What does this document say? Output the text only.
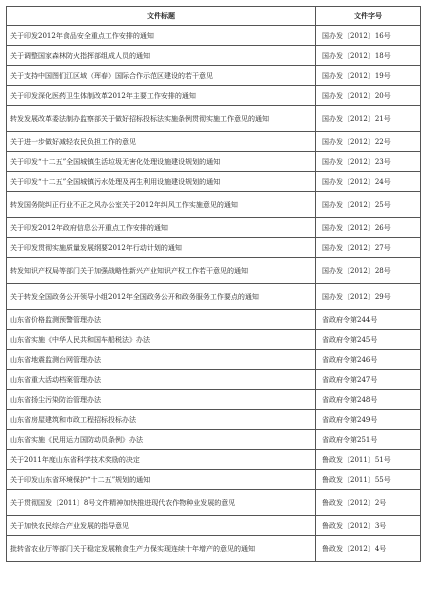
文件标题	文件字号
关于印发2012年食品安全重点工作安排的通知	国办发〔2012〕16号
关于调整国家森林防火指挥部组成人员的通知	国办发〔2012〕18号
关于支持中国图们江区域（珲春）国际合作示范区建设的若干意见	国办发〔2012〕19号
关于印发深化医药卫生体制改革2012年主要工作安排的通知	国办发〔2012〕20号
转发发展改革委法制办监察部关于做好招标投标法实施条例贯彻实施工作意见的通知	国办发〔2012〕21号
关于进一步做好减轻农民负担工作的意见	国办发〔2012〕22号
关于印发“十二五”全国城镇生活垃圾无害化处理设施建设规划的通知	国办发〔2012〕23号
关于印发“十二五”全国城镇污水处理及再生利用设施建设规划的通知	国办发〔2012〕24号
转发国务院纠正行业不正之风办公室关于2012年纠风工作实施意见的通知	国办发〔2012〕25号
关于印发2012年政府信息公开重点工作安排的通知	国办发〔2012〕26号
关于印发贯彻实施质量发展纲要2012年行动计划的通知	国办发〔2012〕27号
转发知识产权局等部门关于加强战略性新兴产业知识产权工作若干意见的通知	国办发〔2012〕28号
关于转发全国政务公开领导小组2012年全国政务公开和政务服务工作要点的通知	国办发〔2012〕29号
山东省价格监测预警管理办法	省政府令第244号
山东省实施《中华人民共和国车船税法》办法	省政府令第245号
山东省地震监测台网管理办法	省政府令第246号
山东省重大活动档案管理办法	省政府令第247号
山东省扬尘污染防治管理办法	省政府令第248号
山东省房屋建筑和市政工程招标投标办法	省政府令第249号
山东省实施《民用运力国防动员条例》办法	省政府令第251号
关于2011年度山东省科学技术奖励的决定	鲁政发〔2011〕51号
关于印发山东省环境保护“十二五”规划的通知	鲁政发〔2011〕55号
关于贯彻国发〔2011〕8号文件精神加快推进现代农作物种业发展的意见	鲁政发〔2012〕2号
关于加快农民综合产业发展的指导意见	鲁政发〔2012〕3号
批转省农业厅等部门关于稳定发展粮食生产力保实现连续十年增产的意见的通知	鲁政发〔2012〕4号
